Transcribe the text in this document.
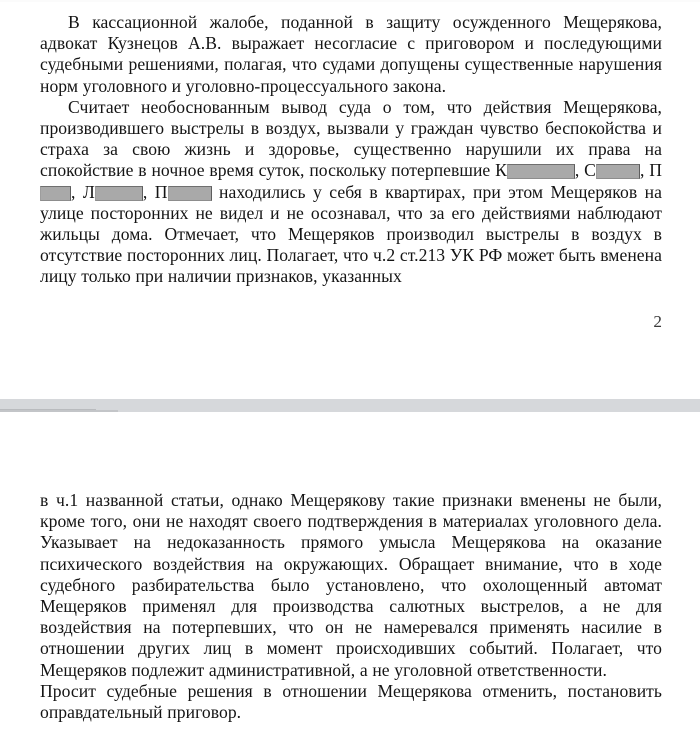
В кассационной жалобе, поданной в защиту осужденного Мещерякова, адвокат Кузнецов А.В. выражает несогласие с приговором и последующими судебными решениями, полагая, что судами допущены существенные нарушения норм уголовного и уголовно-процессуального закона.

Считает необоснованным вывод суда о том, что действия Мещерякова, производившего выстрелы в воздух, вызвали у граждан чувство беспокойства и страха за свою жизнь и здоровье, существенно нарушили их права на спокойствие в ночное время суток, поскольку потерпевшие К	, С	, П, Л	, П	находились у себя в квартирах, при этом Мещеряков на улице посторонних не видел и не осознавал, что за его действиями наблюдают жильцы дома. Отмечает, что Мещеряков производил выстрелы в воздух в отсутствие посторонних лиц. Полагает, что ч.2 ст.213 УК РФ может быть вменена лицу только при наличии признаков, указанных

2

в ч.1 названной статьи, однако Мещерякову такие признаки вменены не были, кроме того, они не находят своего подтверждения в материалах уголовного дела. Указывает на недоказанность прямого умысла Мещерякова на оказание психического воздействия на окружающих. Обращает внимание, что в ходе судебного разбирательства было установлено, что охолощенный автомат Мещеряков применял для производства салютных выстрелов, а не для воздействия на потерпевших, что он не намеревался применять насилие в отношении других лиц в момент происходивших событий. Полагает, что Мещеряков подлежит административной, а не уголовной ответственности.

Просит судебные решения в отношении Мещерякова отменить, постановить оправдательный приговор.
